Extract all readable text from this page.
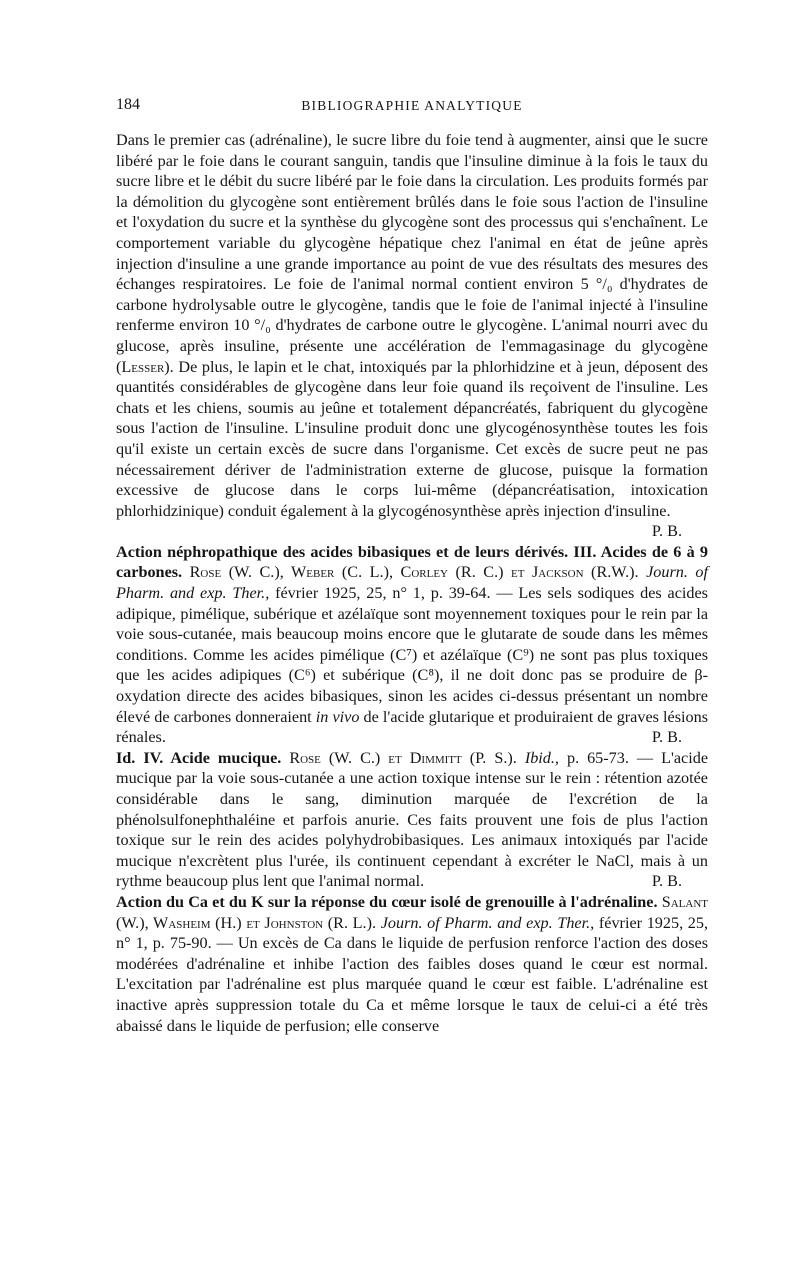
184	BIBLIOGRAPHIE ANALYTIQUE

Dans le premier cas (adrénaline), le sucre libre du foie tend à augmenter, ainsi que le sucre libéré par le foie dans le courant sanguin, tandis que l'insuline diminue à la fois le taux du sucre libre et le débit du sucre libéré par le foie dans la circulation. Les produits formés par la démolition du glycogène sont entièrement brûlés dans le foie sous l'action de l'insuline et l'oxydation du sucre et la synthèse du glycogène sont des processus qui s'enchaînent. Le comportement variable du glycogène hépatique chez l'animal en état de jeûne après injection d'insuline a une grande importance au point de vue des résultats des mesures des échanges respiratoires. Le foie de l'animal normal contient environ 5 °/₀ d'hydrates de carbone hydrolysable outre le glycogène, tandis que le foie de l'animal injecté à l'insuline renferme environ 10 °/₀ d'hydrates de carbone outre le glycogène. L'animal nourri avec du glucose, après insuline, présente une accélération de l'emmagasinage du glycogène (Lesser). De plus, le lapin et le chat, intoxiqués par la phlorhidzine et à jeun, déposent des quantités considérables de glycogène dans leur foie quand ils reçoivent de l'insuline. Les chats et les chiens, soumis au jeûne et totalement dépancréatés, fabriquent du glycogène sous l'action de l'insuline. L'insuline produit donc une glycogénosynthèse toutes les fois qu'il existe un certain excès de sucre dans l'organisme. Cet excès de sucre peut ne pas nécessairement dériver de l'administration externe de glucose, puisque la formation excessive de glucose dans le corps lui-même (dépancréatisation, intoxication phlorhidzinique) conduit également à la glycogénosynthèse après injection d'insuline.
P. B.

Action néphropathique des acides bibasiques et de leurs dérivés. III. Acides de 6 à 9 carbones. Rose (W. C.), Weber (C. L.), Corley (R. C.) et Jackson (R.W.). Journ. of Pharm. and exp. Ther., février 1925, 25, n° 1, p. 39-64. — Les sels sodiques des acides adipique, pimélique, subérique et azélaïque sont moyennement toxiques pour le rein par la voie sous-cutanée, mais beaucoup moins encore que le glutarate de soude dans les mêmes conditions. Comme les acides pimélique (C⁷) et azélaïque (C⁹) ne sont pas plus toxiques que les acides adipiques (C⁶) et subérique (C⁸), il ne doit donc pas se produire de β-oxydation directe des acides bibasiques, sinon les acides ci-dessus présentant un nombre élevé de carbones donneraient in vivo de l'acide glutarique et produiraient de graves lésions rénales.	P. B.

Id. IV. Acide mucique. Rose (W. C.) et Dimmitt (P. S.). Ibid., p. 65-73. — L'acide mucique par la voie sous-cutanée a une action toxique intense sur le rein : rétention azotée considérable dans le sang, diminution marquée de l'excrétion de la phénolsulfonephthaléine et parfois anurie. Ces faits prouvent une fois de plus l'action toxique sur le rein des acides polyhydrobibasiques. Les animaux intoxiqués par l'acide mucique n'excrètent plus l'urée, ils continuent cependant à excréter le NaCl, mais à un rythme beaucoup plus lent que l'animal normal.	P. B.

Action du Ca et du K sur la réponse du cœur isolé de grenouille à l'adrénaline. Salant (W.), Washeim (H.) et Johnston (R. L.). Journ. of Pharm. and exp. Ther., février 1925, 25, n° 1, p. 75-90. — Un excès de Ca dans le liquide de perfusion renforce l'action des doses modérées d'adrénaline et inhibe l'action des faibles doses quand le cœur est normal. L'excitation par l'adrénaline est plus marquée quand le cœur est faible. L'adrénaline est inactive après suppression totale du Ca et même lorsque le taux de celui-ci a été très abaissé dans le liquide de perfusion; elle conserve
